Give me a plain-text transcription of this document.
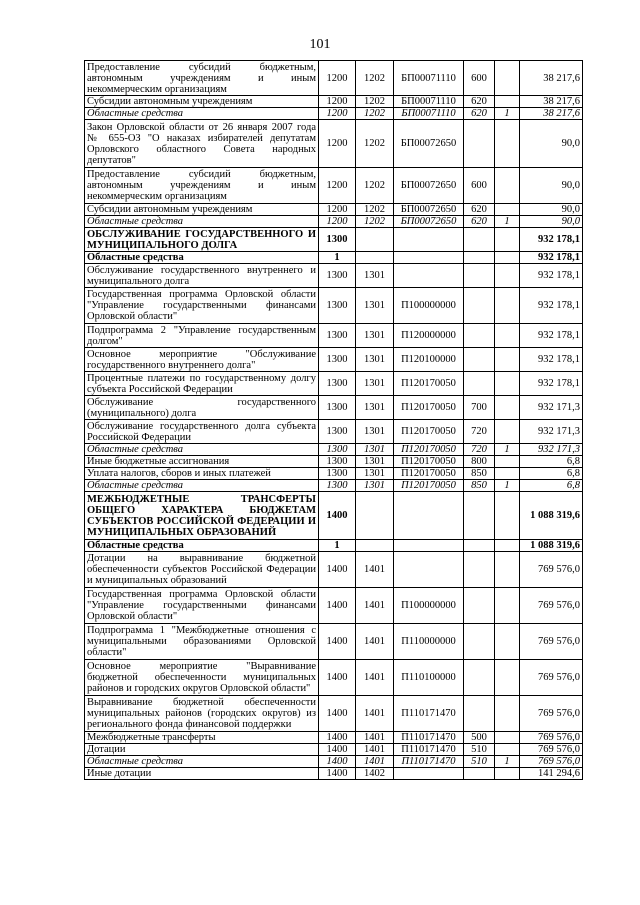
101
Предоставление субсидий бюджетным, автономным учреждениям и иным некоммерческим организациям	1200	1202	БП00071110	600		38 217,6
Субсидии автономным учреждениям	1200	1202	БП00071110	620		38 217,6
Областные средства	1200	1202	БП00071110	620	1	38 217,6
Закон Орловской области от 26 января 2007 года № 655-ОЗ "О наказах избирателей депутатам Орловского областного Совета народных депутатов"	1200	1202	БП00072650			90,0
Предоставление субсидий бюджетным, автономным учреждениям и иным некоммерческим организациям	1200	1202	БП00072650	600		90,0
Субсидии автономным учреждениям	1200	1202	БП00072650	620		90,0
Областные средства	1200	1202	БП00072650	620	1	90,0
ОБСЛУЖИВАНИЕ ГОСУДАРСТВЕННОГО И МУНИЦИПАЛЬНОГО ДОЛГА	1300					932 178,1
Областные средства	1					932 178,1
Обслуживание государственного внутреннего и муниципального долга	1300	1301				932 178,1
Государственная программа Орловской области "Управление государственными финансами Орловской области"	1300	1301	П100000000			932 178,1
Подпрограмма 2 "Управление государственным долгом"	1300	1301	П120000000			932 178,1
Основное мероприятие "Обслуживание государственного внутреннего долга"	1300	1301	П120100000			932 178,1
Процентные платежи по государственному долгу субъекта Российской Федерации	1300	1301	П120170050			932 178,1
Обслуживание государственного (муниципального) долга	1300	1301	П120170050	700		932 171,3
Обслуживание государственного долга субъекта Российской Федерации	1300	1301	П120170050	720		932 171,3
Областные средства	1300	1301	П120170050	720	1	932 171,3
Иные бюджетные ассигнования	1300	1301	П120170050	800		6,8
Уплата налогов, сборов и иных платежей	1300	1301	П120170050	850		6,8
Областные средства	1300	1301	П120170050	850	1	6,8
МЕЖБЮДЖЕТНЫЕ ТРАНСФЕРТЫ ОБЩЕГО ХАРАКТЕРА БЮДЖЕТАМ СУБЪЕКТОВ РОССИЙСКОЙ ФЕДЕРАЦИИ И МУНИЦИПАЛЬНЫХ ОБРАЗОВАНИЙ	1400					1 088 319,6
Областные средства	1					1 088 319,6
Дотации на выравнивание бюджетной обеспеченности субъектов Российской Федерации и муниципальных образований	1400	1401				769 576,0
Государственная программа Орловской области "Управление государственными финансами Орловской области"	1400	1401	П100000000			769 576,0
Подпрограмма 1 "Межбюджетные отношения с муниципальными образованиями Орловской области"	1400	1401	П110000000			769 576,0
Основное мероприятие "Выравнивание бюджетной обеспеченности муниципальных районов и городских округов Орловской области"	1400	1401	П110100000			769 576,0
Выравнивание бюджетной обеспеченности муниципальных районов (городских округов) из регионального фонда финансовой поддержки	1400	1401	П110171470			769 576,0
Межбюджетные трансферты	1400	1401	П110171470	500		769 576,0
Дотации	1400	1401	П110171470	510		769 576,0
Областные средства	1400	1401	П110171470	510	1	769 576,0
Иные дотации	1400	1402				141 294,6
